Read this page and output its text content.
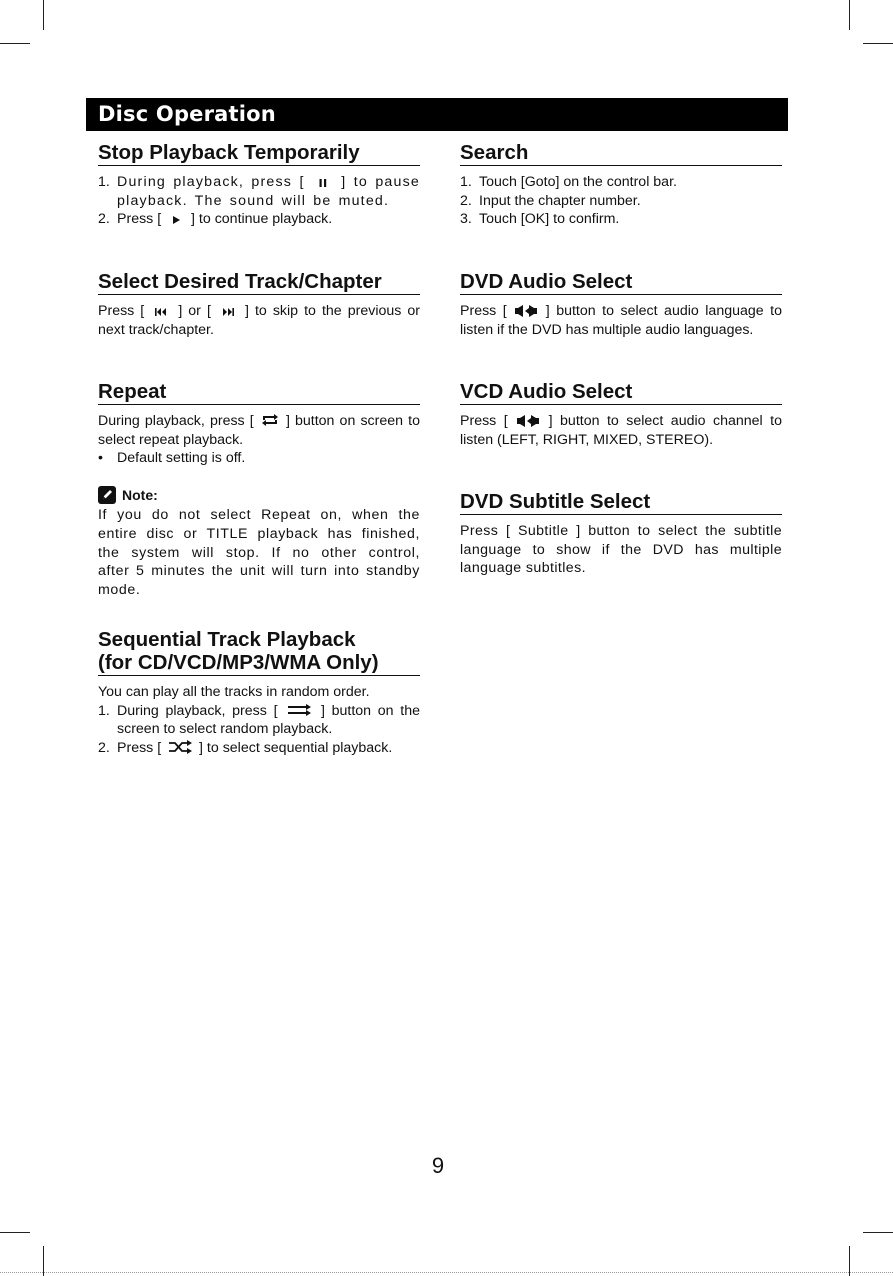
Disc Operation
Stop Playback Temporarily
1. During playback, press [
] to pause playback. The sound will be muted.
2. Press [
] to continue playback.
Select Desired Track/Chapter

Press [
] or [
] to skip to the previous or next track/chapter.

Repeat

During playback, press [
] button on screen to select repeat playback.

• Default setting is off.
Note:

If you do not select Repeat on, when the entire disc or TITLE playback has finished, the system will stop. If no other control, after 5 minutes the unit will turn into standby mode.

Sequential Track Playback
(for CD/VCD/MP3/WMA Only)

You can play all the tracks in random order.

1. During playback, press [
] button on the screen to select random playback.
2. Press [
] to select sequential playback.
Search
1. Touch [Goto] on the control bar.
2. Input the chapter number.
3. Touch [OK] to confirm.
DVD Audio Select

Press [
] button to select audio language to listen if the DVD has multiple audio languages.

VCD Audio Select

Press [
] button to select audio channel to listen (LEFT, RIGHT, MIXED, STEREO).

DVD Subtitle Select

Press [ Subtitle ] button to select the subtitle language to show if the DVD has multiple language subtitles.

9
